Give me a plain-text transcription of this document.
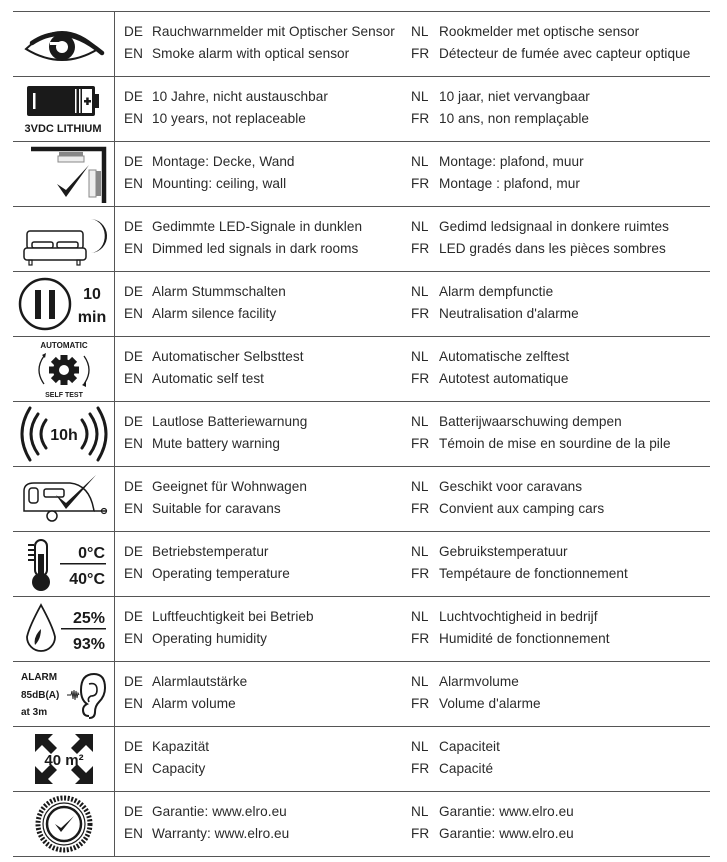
DE Rauchwarnmelder mit Optischer Sensor
EN Smoke alarm with optical sensor
NL Rookmelder met optische sensor
FR Détecteur de fumée avec capteur optique
3VDC LITHIUM
DE 10 Jahre, nicht austauschbar
EN 10 years, not replaceable
NL 10 jaar, niet vervangbaar
FR 10 ans, non remplaçable
DE Montage: Decke, Wand
EN Mounting: ceiling, wall
NL Montage: plafond, muur
FR Montage : plafond, mur
DE Gedimmte LED-Signale in dunklen
EN Dimmed led signals in dark rooms
NL Gedimd ledsignaal in donkere ruimtes
FR LED gradés dans les pièces sombres
10
min
DE Alarm Stummschalten
EN Alarm silence facility
NL Alarm dempfunctie
FR Neutralisation d'alarme
AUTOMATIC
SELF TEST
DE Automatischer Selbsttest
EN Automatic self test
NL Automatische zelftest
FR Autotest automatique
10h
DE Lautlose Batteriewarnung
EN Mute battery warning
NL Batterijwaarschuwing dempen
FR Témoin de mise en sourdine de la pile
DE Geeignet für Wohnwagen
EN Suitable for caravans
NL Geschikt voor caravans
FR Convient aux camping cars
0°C
40°C
DE Betriebstemperatur
EN Operating temperature
NL Gebruikstemperatuur
FR Tempétaure de fonctionnement
25%
93%
DE Luftfeuchtigkeit bei Betrieb
EN Operating humidity
NL Luchtvochtigheid in bedrijf
FR Humidité de fonctionnement
ALARM
85dB(A)
at 3m
DE Alarmlautstärke
EN Alarm volume
NL Alarmvolume
FR Volume d'alarme
40 m²
DE Kapazität
EN Capacity
NL Capaciteit
FR Capacité
DE Garantie: www.elro.eu
EN Warranty: www.elro.eu
NL Garantie: www.elro.eu
FR Garantie: www.elro.eu
